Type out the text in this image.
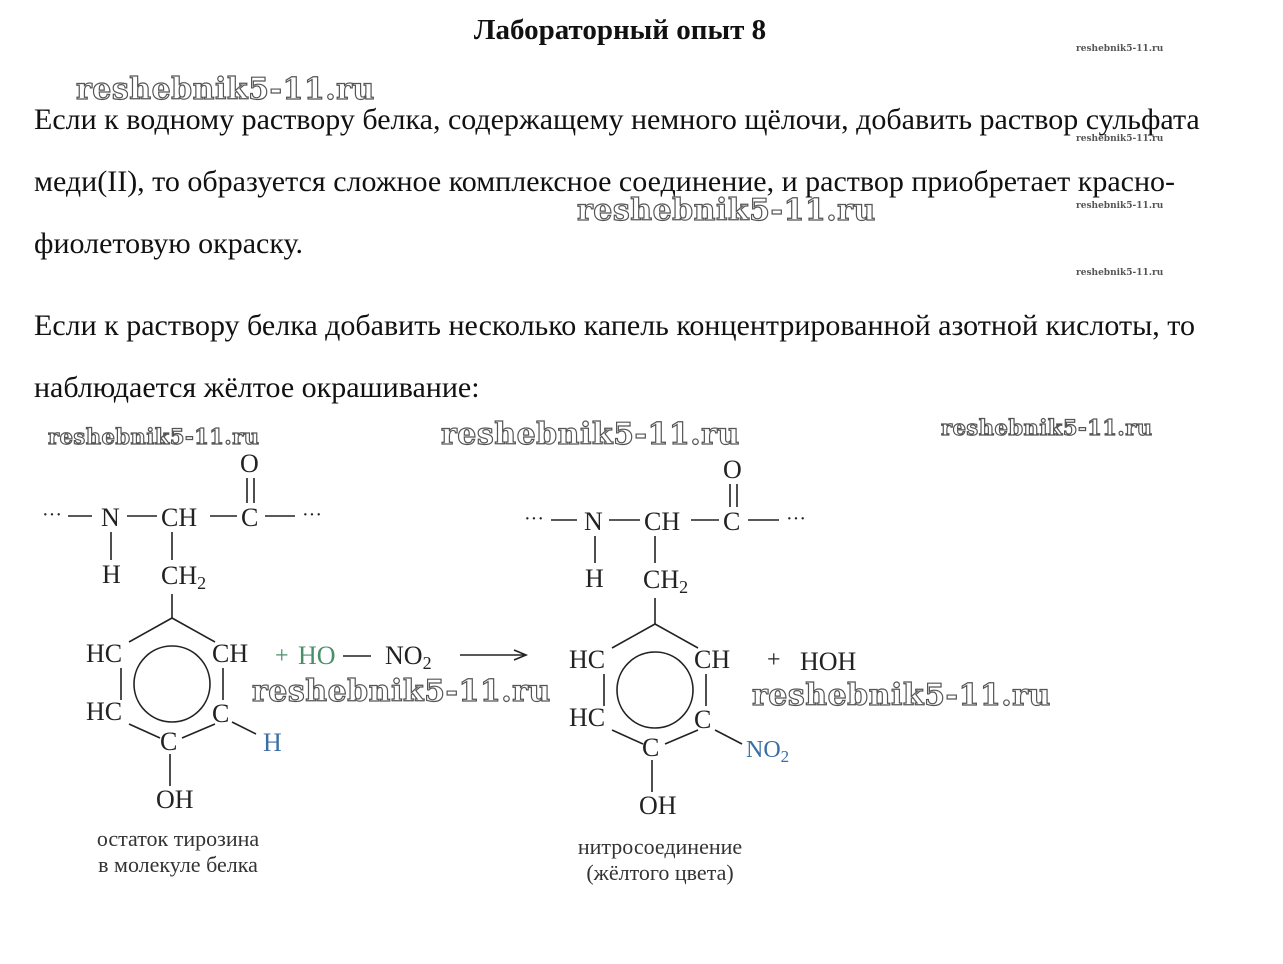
Лабораторный опыт 8

Если к водному раствору белка, содержащему немного щёлочи, добавить раствор сульфата меди(II), то образуется сложное комплексное соединение, и раствор приобретает красно-фиолетовую окраску.

Если к раствору белка добавить несколько капель концентрированной азотной кислоты, то наблюдается жёлтое окрашивание:

reshebnik5-11.ru
reshebnik5-11.ru
reshebnik5-11.ru
reshebnik5-11.ru
reshebnik5-11.ru
reshebnik5-11.ru
reshebnik5-11.ru	reshebnik5-11.ru	reshebnik5-11.ru
··· N CH C
O
···
H CH2
HC	CH
HC	C
C	H
OH
+ HO NO2
··· N CH C
O
···
H CH2
HC	CH
HC	C
C	$NO_2$
OH
+ HOH
reshebnik5-11.ru	reshebnik5-11.ru
остаток тирозина
в молекуле белка
нитросоединение
(жёлтого цвета)
